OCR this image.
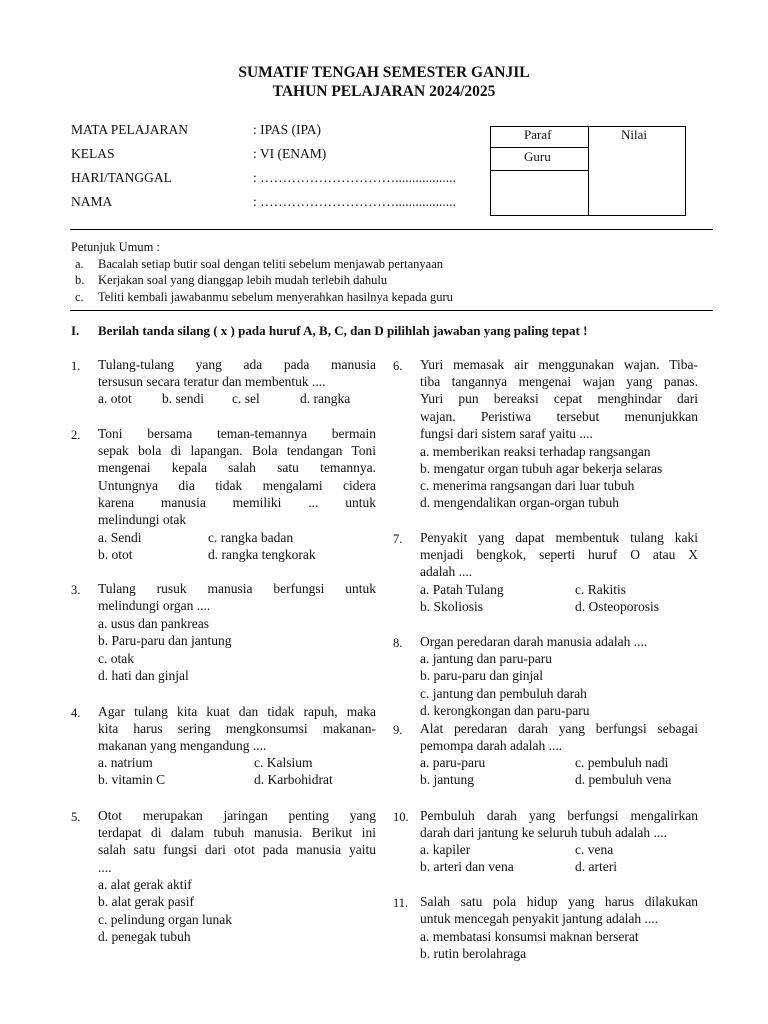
SUMATIF TENGAH SEMESTER GANJIL
TAHUN PELAJARAN 2024/2025
MATA PELAJARAN	: IPAS (IPA)
KELAS	: VI (ENAM)
HARI/TANGGAL	: …………………………..................
NAMA	: …………………………..................
Paraf
Guru
Nilai
Petunjuk Umum :
a. Bacalah setiap butir soal dengan teliti sebelum menjawab pertanyaan
b. Kerjakan soal yang dianggap lebih mudah terlebih dahulu
c. Teliti kembali jawabanmu sebelum menyerahkan hasilnya kepada guru
I. Berilah tanda silang ( x ) pada huruf A, B, C, dan D pilihlah jawaban yang paling tepat !
1. Tulang-tulang yang ada pada manusia
tersusun secara teratur dan membentuk ....
a. otot b. sendi c. sel	d. rangka
2. Toni bersama teman-temannya bermain
sepak bola di lapangan. Bola tendangan Toni
mengenai kepala salah satu temannya.
Untungnya dia tidak mengalami cidera
karena manusia memiliki ... untuk
melindungi otak
a. Sendi	c. rangka badan
b. otot	d. rangka tengkorak
3. Tulang rusuk manusia berfungsi untuk
melindungi organ ....
a. usus dan pankreas
b. Paru-paru dan jantung
c. otak
d. hati dan ginjal
4. Agar tulang kita kuat dan tidak rapuh, maka
kita harus sering mengkonsumsi makanan-
makanan yang mengandung ....
a. natrium	c. Kalsium
b. vitamin C	d. Karbohidrat
5. Otot merupakan jaringan penting yang
terdapat di dalam tubuh manusia. Berikut ini
salah satu fungsi dari otot pada manusia yaitu
....
a. alat gerak aktif
b. alat gerak pasif
c. pelindung organ lunak
d. penegak tubuh
6. Yuri memasak air menggunakan wajan. Tiba-
tiba tangannya mengenai wajan yang panas.
Yuri pun bereaksi cepat menghindar dari
wajan. Peristiwa tersebut menunjukkan
fungsi dari sistem saraf yaitu ....
a. memberikan reaksi terhadap rangsangan
b. mengatur organ tubuh agar bekerja selaras
c. menerima rangsangan dari luar tubuh
d. mengendalikan organ-organ tubuh
7. Penyakit yang dapat membentuk tulang kaki
menjadi bengkok, seperti huruf O atau X
adalah ....
a. Patah Tulang	c. Rakitis
b. Skoliosis	d. Osteoporosis
8. Organ peredaran darah manusia adalah ....
a. jantung dan paru-paru
b. paru-paru dan ginjal
c. jantung dan pembuluh darah
d. kerongkongan dan paru-paru
9. Alat peredaran darah yang berfungsi sebagai
pemompa darah adalah ....
a. paru-paru	c. pembuluh nadi
b. jantung	d. pembuluh vena
10. Pembuluh darah yang berfungsi mengalirkan
darah dari jantung ke seluruh tubuh adalah ....
a. kapiler	c. vena
b. arteri dan vena	d. arteri
11. Salah satu pola hidup yang harus dilakukan
untuk mencegah penyakit jantung adalah ....
a. membatasi konsumsi maknan berserat
b. rutin berolahraga
